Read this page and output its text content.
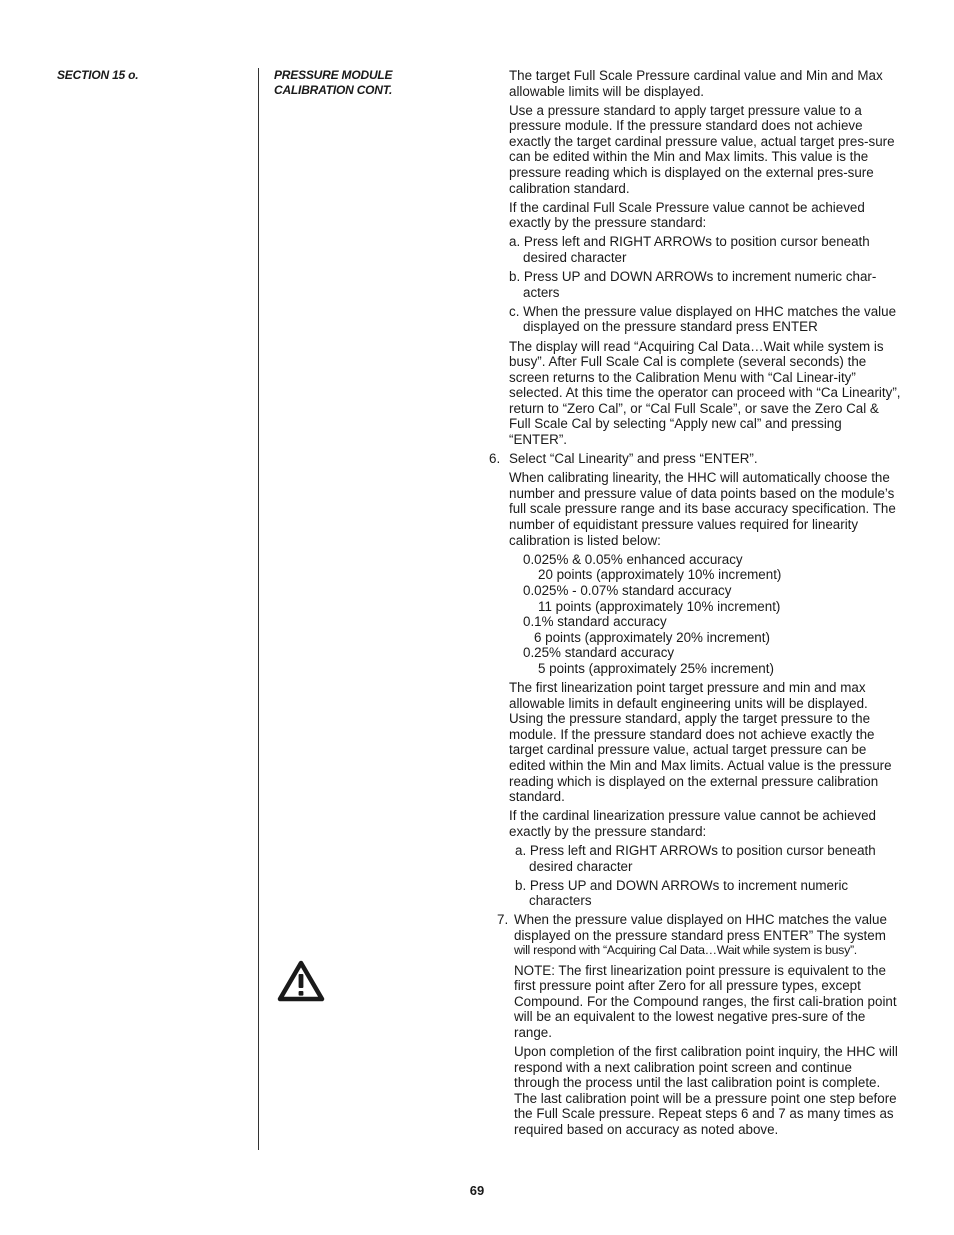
SECTION 15 o.	PRESSURE MODULE CALIBRATION CONT.

The target Full Scale Pressure cardinal value and Min and Max allowable limits will be displayed.

Use a pressure standard to apply target pressure value to a pressure module. If the pressure standard does not achieve exactly the target cardinal pressure value, actual target pres-sure can be edited within the Min and Max limits. This value is the pressure reading which is displayed on the external pres-sure calibration standard.

If the cardinal Full Scale Pressure value cannot be achieved exactly by the pressure standard:

a. Press left and RIGHT ARROWs to position cursor beneath desired character

b. Press UP and DOWN ARROWs to increment numeric char-acters

c. When the pressure value displayed on HHC matches the value displayed on the pressure standard press ENTER

The display will read “Acquiring Cal Data…Wait while system is busy”. After Full Scale Cal is complete (several seconds) the screen returns to the Calibration Menu with “Cal Linear-ity” selected. At this time the operator can proceed with “Ca Linearity”, return to “Zero Cal”, or “Cal Full Scale”, or save the Zero Cal & Full Scale Cal by selecting “Apply new cal” and pressing “ENTER”.

6. Select “Cal Linearity” and press “ENTER”.

When calibrating linearity, the HHC will automatically choose the number and pressure value of data points based on the module’s full scale pressure range and its base accuracy specification. The number of equidistant pressure values required for linearity calibration is listed below:

0.025% & 0.05% enhanced accuracy

20 points (approximately 10% increment)

0.025% - 0.07% standard accuracy

11 points (approximately 10% increment)

0.1% standard accuracy

6 points (approximately 20% increment)

0.25% standard accuracy

5 points (approximately 25% increment)

The first linearization point target pressure and min and max allowable limits in default engineering units will be displayed. Using the pressure standard, apply the target pressure to the module. If the pressure standard does not achieve exactly the target cardinal pressure value, actual target pressure can be edited within the Min and Max limits. Actual value is the pressure reading which is displayed on the external pressure calibration standard.

If the cardinal linearization pressure value cannot be achieved exactly by the pressure standard:

a. Press left and RIGHT ARROWs to position cursor beneath desired character

b. Press UP and DOWN ARROWs to increment numeric characters

7. When the pressure value displayed on HHC matches the value displayed on the pressure standard press ENTER” The system

will respond with “Acquiring Cal Data…Wait while system is busy”.

NOTE: The first linearization point pressure is equivalent to the first pressure point after Zero for all pressure types, except Compound. For the Compound ranges, the first cali-bration point will be an equivalent to the lowest negative pres-sure of the range.

Upon completion of the first calibration point inquiry, the HHC will respond with a next calibration point screen and continue through the process until the last calibration point is complete. The last calibration point will be a pressure point one step before the Full Scale pressure. Repeat steps 6 and 7 as many times as required based on accuracy as noted above.

69
